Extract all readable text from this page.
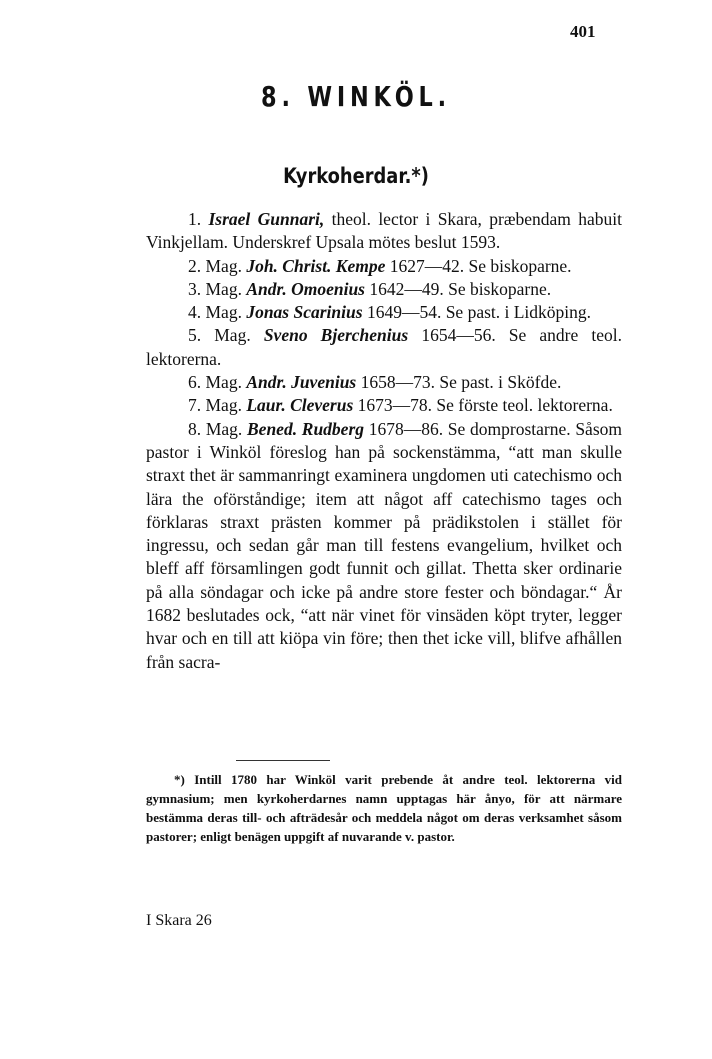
401
8. WINKÖL.
Kyrkoherdar.*)

1. Israel Gunnari, theol. lector i Skara, præbendam habuit Vinkjellam. Underskref Upsala mötes beslut 1593.

2. Mag. Joh. Christ. Kempe 1627—42. Se biskoparne.

3. Mag. Andr. Omoenius 1642—49. Se biskoparne.

4. Mag. Jonas Scarinius 1649—54. Se past. i Lidköping.

5. Mag. Sveno Bjerchenius 1654—56. Se andre teol. lektorerna.

6. Mag. Andr. Juvenius 1658—73. Se past. i Sköfde.

7. Mag. Laur. Cleverus 1673—78. Se förste teol. lektorerna.

8. Mag. Bened. Rudberg 1678—86. Se domprostarne. Såsom pastor i Winköl föreslog han på sockenstämma, “att man skulle straxt thet är sammanringt examinera ungdomen uti catechismo och lära the oförståndige; item att något aff catechismo tages och förklaras straxt prästen kommer på prädikstolen i stället för ingressu, och sedan går man till festens evangelium, hvilket och bleff aff församlingen godt funnit och gillat. Thetta sker ordinarie på alla söndagar och icke på andre store fester och böndagar.“ År 1682 beslutades ock, “att när vinet för vinsäden köpt tryter, legger hvar och en till att kiöpa vin före; then thet icke vill, blifve afhållen från sacra-

*) Intill 1780 har Winköl varit prebende åt andre teol. lektorerna vid gymnasium; men kyrkoherdarnes namn upptagas här ånyo, för att närmare bestämma deras till- och afträdesår och meddela något om deras verksamhet såsom pastorer; enligt benägen uppgift af nuvarande v. pastor.
I Skara 26
